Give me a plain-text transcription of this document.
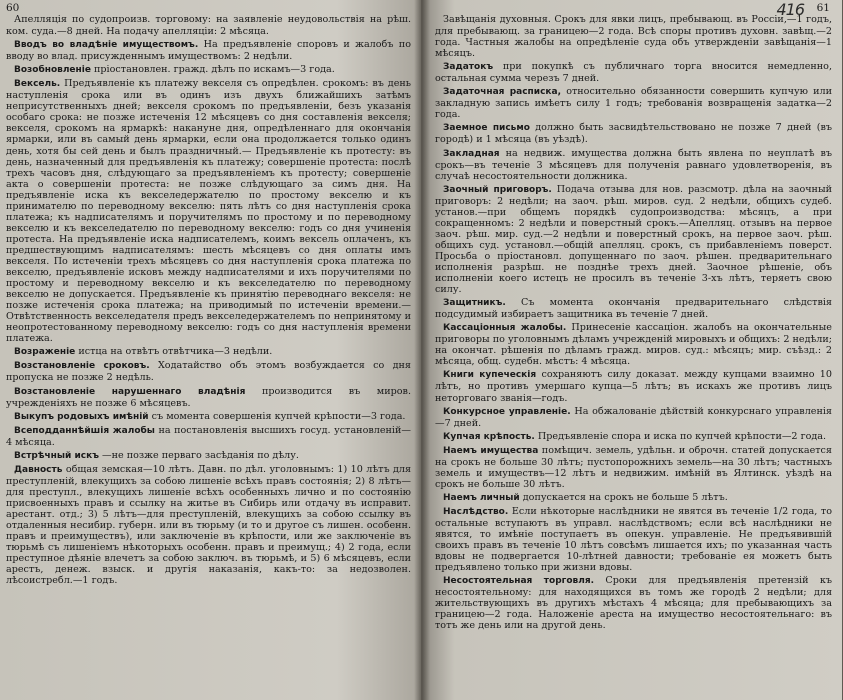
60

Апелляція по судопроизв. торговому: на заявленіе неудовольствія на рѣш. ком. суда.—8 дней. На подачу апелляціи: 2 мѣсяца.

Вводъ во владѣніе имуществомъ. На предъявленіе споровъ и жалобъ по вводу во влад. присужденнымъ имуществомъ: 2 недѣли.

Возобновленіе пріостановлен. гражд. дѣлъ по искамъ—3 года.

Вексель. Предъявленіе къ платежу векселя съ опредѣлен. срокомъ: въ день наступленія срока или въ одинъ изъ двухъ ближайшихъ затѣмъ неприсутственныхъ дней; векселя срокомъ по предъявленіи, безъ указанія особаго срока: не позже истеченія 12 мѣсяцевъ со дня составленія векселя; векселя, срокомъ на ярмаркѣ: накануне дня, опредѣленнаго для окончанія ярмарки, или въ самый день ярмарки, если она продолжается только одинъ день, хотя бы сей день и былъ праздничный.— Предъявленіе къ протесту: въ день, назначенный для предъявленія къ платежу; совершеніе протеста: послѣ трехъ часовъ дня, слѣдующаго за предъявленіемъ къ протесту; совершеніе акта о совершеніи протеста: не позже слѣдующаго за симъ дня. На предъявленіе иска къ векселедержателю по простому векселю и къ принимателю по переводному векселю: пять лѣтъ со дня наступленія срока платежа; къ надписателямъ и поручителямъ по простому и по переводному векселю и къ векселедателю по переводному векселю: годъ со дня учиненія протеста. На предъявленіе иска надписателемъ, коимъ вексель оплаченъ, къ предшествующимъ надписателямъ: шесть мѣсяцевъ со дня оплаты имъ векселя. По истеченіи трехъ мѣсяцевъ со дня наступленія срока платежа по векселю, предъявленіе исковъ между надписателями и ихъ поручителями по простому и переводному векселю и къ векселедателю по переводному векселю не допускается. Предъявленіе къ принятію переводнаго векселя: не позже истеченія срока платежа; на приводимый по истеченіи времени.— Отвѣтственность векселедателя предъ векселедержателемъ по непринятому и неопротестованному переводному векселю: годъ со дня наступленія времени платежа.

Возраженіе истца на отвѣтъ отвѣтчика—3 недѣли.

Возстановленіе сроковъ. Ходатайство объ этомъ возбуждается со дня пропуска не позже 2 недѣль.

Возстановленіе нарушеннаго владѣнія производится въ миров. учрежденіяхъ не позже 6 мѣсяцевъ.

Выкупъ родовыхъ имѣній съ момента совершенія купчей крѣпости—3 года.

Всеподданнѣйшія жалобы на постановленія высшихъ госуд. установленій—4 мѣсяца.

Встрѣчный искъ —не позже перваго засѣданія по дѣлу.

Давность общая земская—10 лѣтъ. Давн. по дѣл. уголовнымъ: 1) 10 лѣтъ для преступленій, влекущихъ за собою лишеніе всѣхъ правъ состоянія; 2) 8 лѣтъ—для преступл., влекущихъ лишеніе всѣхъ особенныхъ лично и по состоянію присвоенныхъ правъ и ссылку на житье въ Сибирь или отдачу въ исправит. арестант. отд.; 3) 5 лѣтъ—для преступленій, влекущихъ за собою ссылку въ отдаленныя несибир. губерн. или въ тюрьму (и то и другое съ лишен. особенн. правъ и преимуществъ), или заключеніе въ крѣпости, или же заключеніе въ тюрьмѣ съ лишеніемъ нѣкоторыхъ особенн. правъ и преимущ.; 4) 2 года, если преступное дѣяніе влечетъ за собою заключ. въ тюрьмѣ, и 5) 6 мѣсяцевъ, если арестъ, денеж. взыск. и другія наказанія, какъ-то: за недозволен. лѣсоистребл.—1 годъ.

61
416

Завѣщанія духовныя. Срокъ для явки лицъ, пребывающ. въ Россіи,—1 годъ, для пребывающ. за границею—2 года. Всѣ споры противъ духовн. завѣщ.—2 года. Частныя жалобы на опредѣленіе суда объ утвержденіи завѣщанія—1 мѣсяцъ.

Задатокъ при покупкѣ съ публичнаго торга вносится немедленно, остальная сумма черезъ 7 дней.

Задаточная расписка, относительно обязанности совершить купчую или закладную запись имѣетъ силу 1 годъ; требованія возвращенія задатка—2 года.

Заемное письмо должно быть засвидѣтельствовано не позже 7 дней (въ городѣ) и 1 мѣсяца (въ уѣздѣ).

Закладная на недвиж. имущества должна быть явлена по неуплатѣ въ срокъ—въ теченіе 3 мѣсяцевъ для полученія равнаго удовлетворенія, въ случаѣ несостоятельности должника.

Заочный приговоръ. Подача отзыва для нов. разсмотр. дѣла на заочный приговоръ: 2 недѣли; на заоч. рѣш. миров. суд. 2 недѣли, общихъ судеб. установ.—при общемъ порядкѣ судопроизводства: мѣсяцъ, а при сокращенномъ: 2 недѣли и поверстный срокъ.—Апелляц. отзывъ на первое заоч. рѣш. мир. суд.—2 недѣли и поверстный срокъ, на первое заоч. рѣш. общихъ суд. установл.—общій апелляц. срокъ, съ прибавленіемъ поверст. Просьба о пріостановл. допущеннаго по заоч. рѣшен. предварительнаго исполненія разрѣш. не позднѣе трехъ дней. Заочное рѣшеніе, объ исполненіи коего истецъ не просилъ въ теченіе 3-хъ лѣтъ, теряетъ свою силу.

Защитникъ. Съ момента окончанія предварительнаго слѣдствія подсудимый избираетъ защитника въ теченіе 7 дней.

Кассаціонныя жалобы. Принесеніе кассаціон. жалобъ на окончательные приговоры по уголовнымъ дѣламъ учрежденій мировыхъ и общихъ: 2 недѣли; на окончат. рѣшенія по дѣламъ гражд. миров. суд.: мѣсяцъ; мир. съѣзд.: 2 мѣсяца, общ. судебн. мѣстъ: 4 мѣсяца.

Книги купеческія сохраняютъ силу доказат. между купцами взаимно 10 лѣтъ, но противъ умершаго купца—5 лѣтъ; въ искахъ же противъ лицъ неторговаго званія—годъ.

Конкурсное управленіе. На обжалованіе дѣйствій конкурснаго управленія—7 дней.

Купчая крѣпость. Предъявленіе спора и иска по купчей крѣпости—2 года.

Наемъ имущества помѣщич. земель, удѣльн. и оброчн. статей допускается на срокъ не больше 30 лѣтъ; пустопорожнихъ земель—на 30 лѣтъ; частныхъ земель и имуществъ—12 лѣтъ и недвижим. имѣній въ Ялтинск. уѣздѣ на срокъ не больше 30 лѣтъ.

Наемъ личный допускается на срокъ не больше 5 лѣтъ.

Наслѣдство. Если нѣкоторые наслѣдники не явятся въ теченіе 1/2 года, то остальные вступаютъ въ управл. наслѣдствомъ; если всѣ наслѣдники не явятся, то имѣніе поступаетъ въ опекун. управленіе. Не предъявившій своихъ правъ въ теченіе 10 лѣтъ совсѣмъ лишается ихъ; по указанная часть вдовы не подвергается 10-лѣтней давности; требованіе ея можетъ быть предъявлено только при жизни вдовы.

Несостоятельная торговля. Сроки для предъявленія претензій къ несостоятельному: для находящихся въ томъ же городѣ 2 недѣли; для жительствующихъ въ другихъ мѣстахъ 4 мѣсяца; для пребывающихъ за границею—2 года. Наложеніе ареста на имущество несостоятельнаго: въ тотъ же день или на другой день.
